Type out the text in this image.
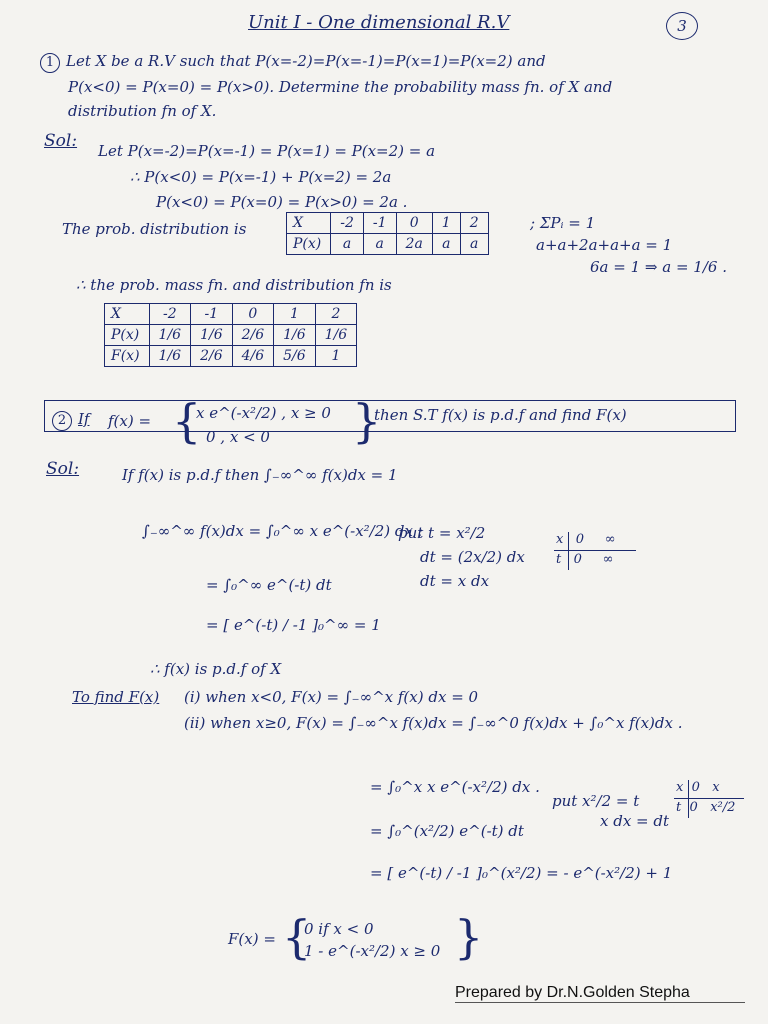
Unit I - One dimensional R.V	3
1 Let X be a R.V such that P(x=-2)=P(x=-1)=P(x=1)=P(x=2) and
P(x<0) = P(x=0) = P(x>0). Determine the probability mass fn. of X and
distribution fn of X.
Sol: Let P(x=-2)=P(x=-1) = P(x=1) = P(x=2) = a
∴ P(x<0) = P(x=-1) + P(x=2) = 2a
P(x<0) = P(x=0) = P(x>0) = 2a .
The prob. distribution is	X	-2	-1	0	1	2
P(x)	a	a	2a	a	a
; ΣPᵢ = 1
a+a+2a+a+a = 1
6a = 1 ⇒ a = 1/6 .
∴ the prob. mass fn. and distribution fn is
X	-2	-1	0	1	2
P(x)	1/6	1/6	2/6	1/6	1/6
F(x)	1/6	2/6	4/6	5/6	1
2 If f(x) = {
x e^(-x²/2) , x ≥ 0
0 , x < 0 }
then S.T f(x) is p.d.f and find F(x)
Sol:	If f(x) is p.d.f then ∫₋∞^∞ f(x)dx = 1
∫₋∞^∞ f(x)dx = ∫₀^∞ x e^(-x²/2) dx ;
= ∫₀^∞ e^(-t) dt
= [ e^(-t) / -1 ]₀^∞ = 1
put t = x²/2
dt = (2x/2) dx
dt = x dx
x 0 ∞
t 0 ∞
∴ f(x) is p.d.f of X
To find F(x) (i) when x<0, F(x) = ∫₋∞^x f(x) dx = 0
(ii) when x≥0, F(x) = ∫₋∞^x f(x)dx = ∫₋∞^0 f(x)dx + ∫₀^x f(x)dx .
= ∫₀^x x e^(-x²/2) dx .
= ∫₀^(x²/2) e^(-t) dt
= [ e^(-t) / -1 ]₀^(x²/2) = - e^(-x²/2) + 1
put x²/2 = t
x dx = dt
x 0 x
t 0 x²/2
F(x) = {
0 if x < 0
1 - e^(-x²/2) x ≥ 0 }
Prepared by Dr.N.Golden Stepha
